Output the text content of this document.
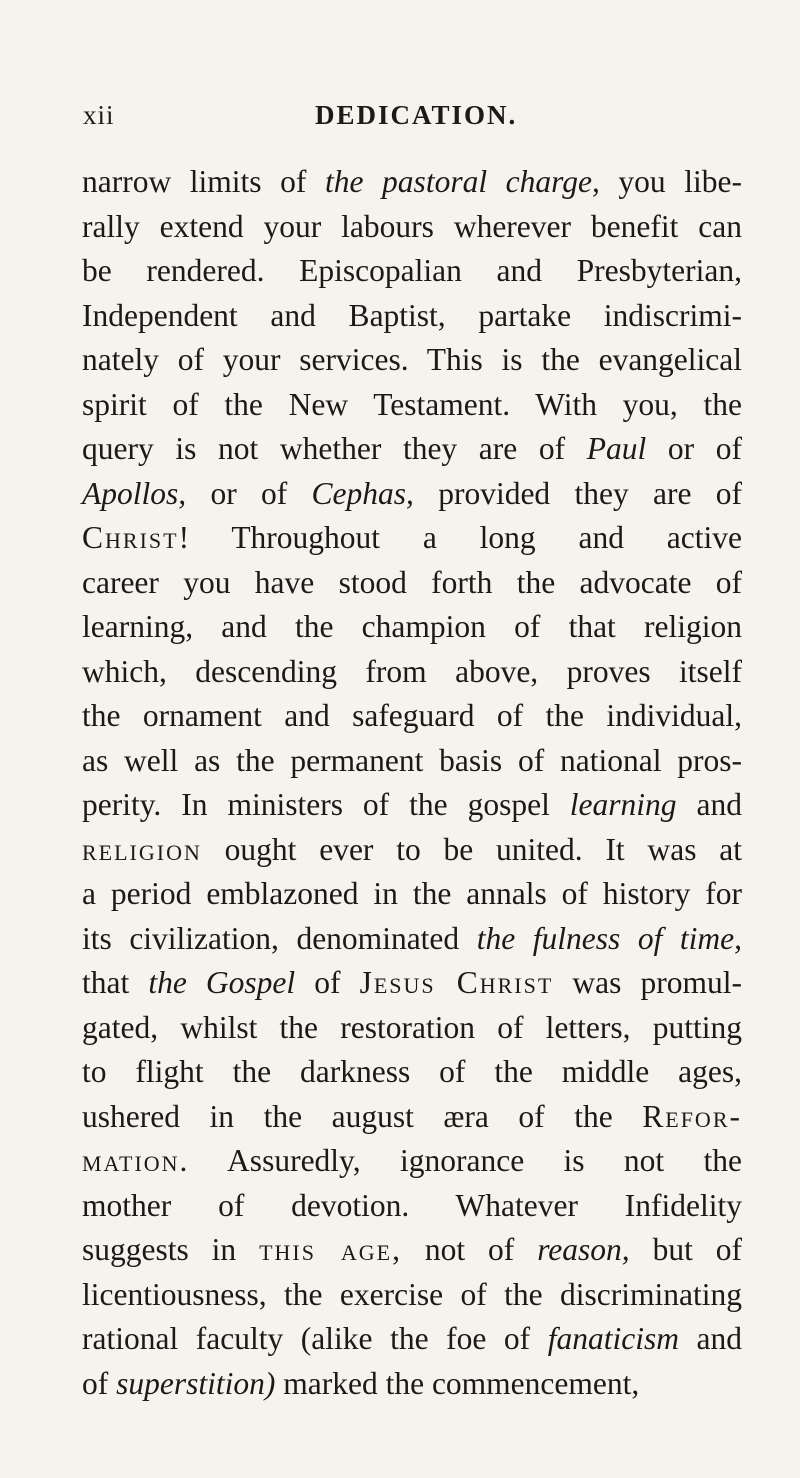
xii	DEDICATION.
narrow limits of the pastoral charge, you libe-
rally extend your labours wherever benefit can
be rendered. Episcopalian and Presbyterian,
Independent and Baptist, partake indiscrimi-
nately of your services. This is the evangelical
spirit of the New Testament. With you, the
query is not whether they are of Paul or of
Apollos, or of Cephas, provided they are of
Christ! Throughout a long and active
career you have stood forth the advocate of
learning, and the champion of that religion
which, descending from above, proves itself
the ornament and safeguard of the individual,
as well as the permanent basis of national pros-
perity. In ministers of the gospel learning and
religion ought ever to be united. It was at
a period emblazoned in the annals of history for
its civilization, denominated the fulness of time,
that the Gospel of Jesus Christ was promul-
gated, whilst the restoration of letters, putting
to flight the darkness of the middle ages,
ushered in the august æra of the Refor-
mation. Assuredly, ignorance is not the
mother of devotion. Whatever Infidelity
suggests in this age, not of reason, but of
licentiousness, the exercise of the discriminating
rational faculty (alike the foe of fanaticism and
of superstition) marked the commencement,
